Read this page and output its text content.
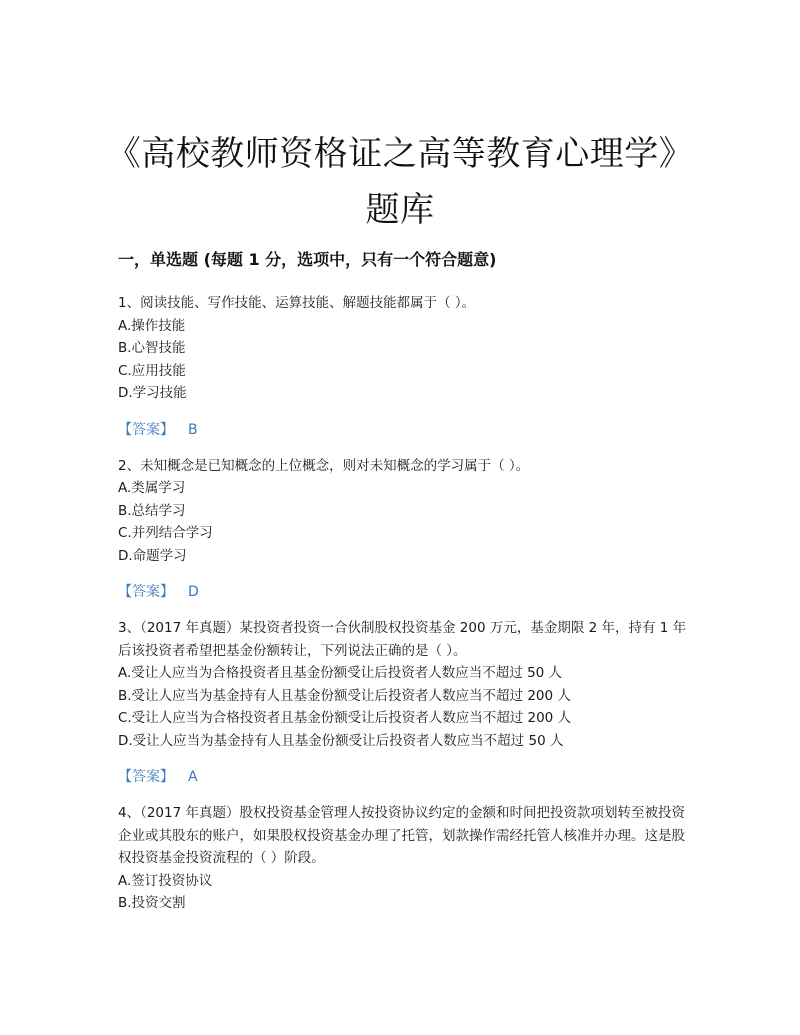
《高校教师资格证之高等教育心理学》题库
一，单选题 (每题 1 分，选项中，只有一个符合题意)

1、阅读技能、写作技能、运算技能、解题技能都属于（ ）。

A.操作技能

B.心智技能

C.应用技能

D.学习技能

【答案】 B

2、未知概念是已知概念的上位概念，则对未知概念的学习属于（ ）。

A.类属学习

B.总结学习

C.并列结合学习

D.命题学习

【答案】 D

3、（2017 年真题）某投资者投资一合伙制股权投资基金 200 万元，基金期限 2 年，持有 1 年后该投资者希望把基金份额转让，下列说法正确的是（ ）。

A.受让人应当为合格投资者且基金份额受让后投资者人数应当不超过 50 人

B.受让人应当为基金持有人且基金份额受让后投资者人数应当不超过 200 人

C.受让人应当为合格投资者且基金份额受让后投资者人数应当不超过 200 人

D.受让人应当为基金持有人且基金份额受让后投资者人数应当不超过 50 人

【答案】 A

4、（2017 年真题）股权投资基金管理人按投资协议约定的金额和时间把投资款项划转至被投资企业或其股东的账户，如果股权投资基金办理了托管，划款操作需经托管人核准并办理。这是股权投资基金投资流程的（ ）阶段。

A.签订投资协议

B.投资交割
